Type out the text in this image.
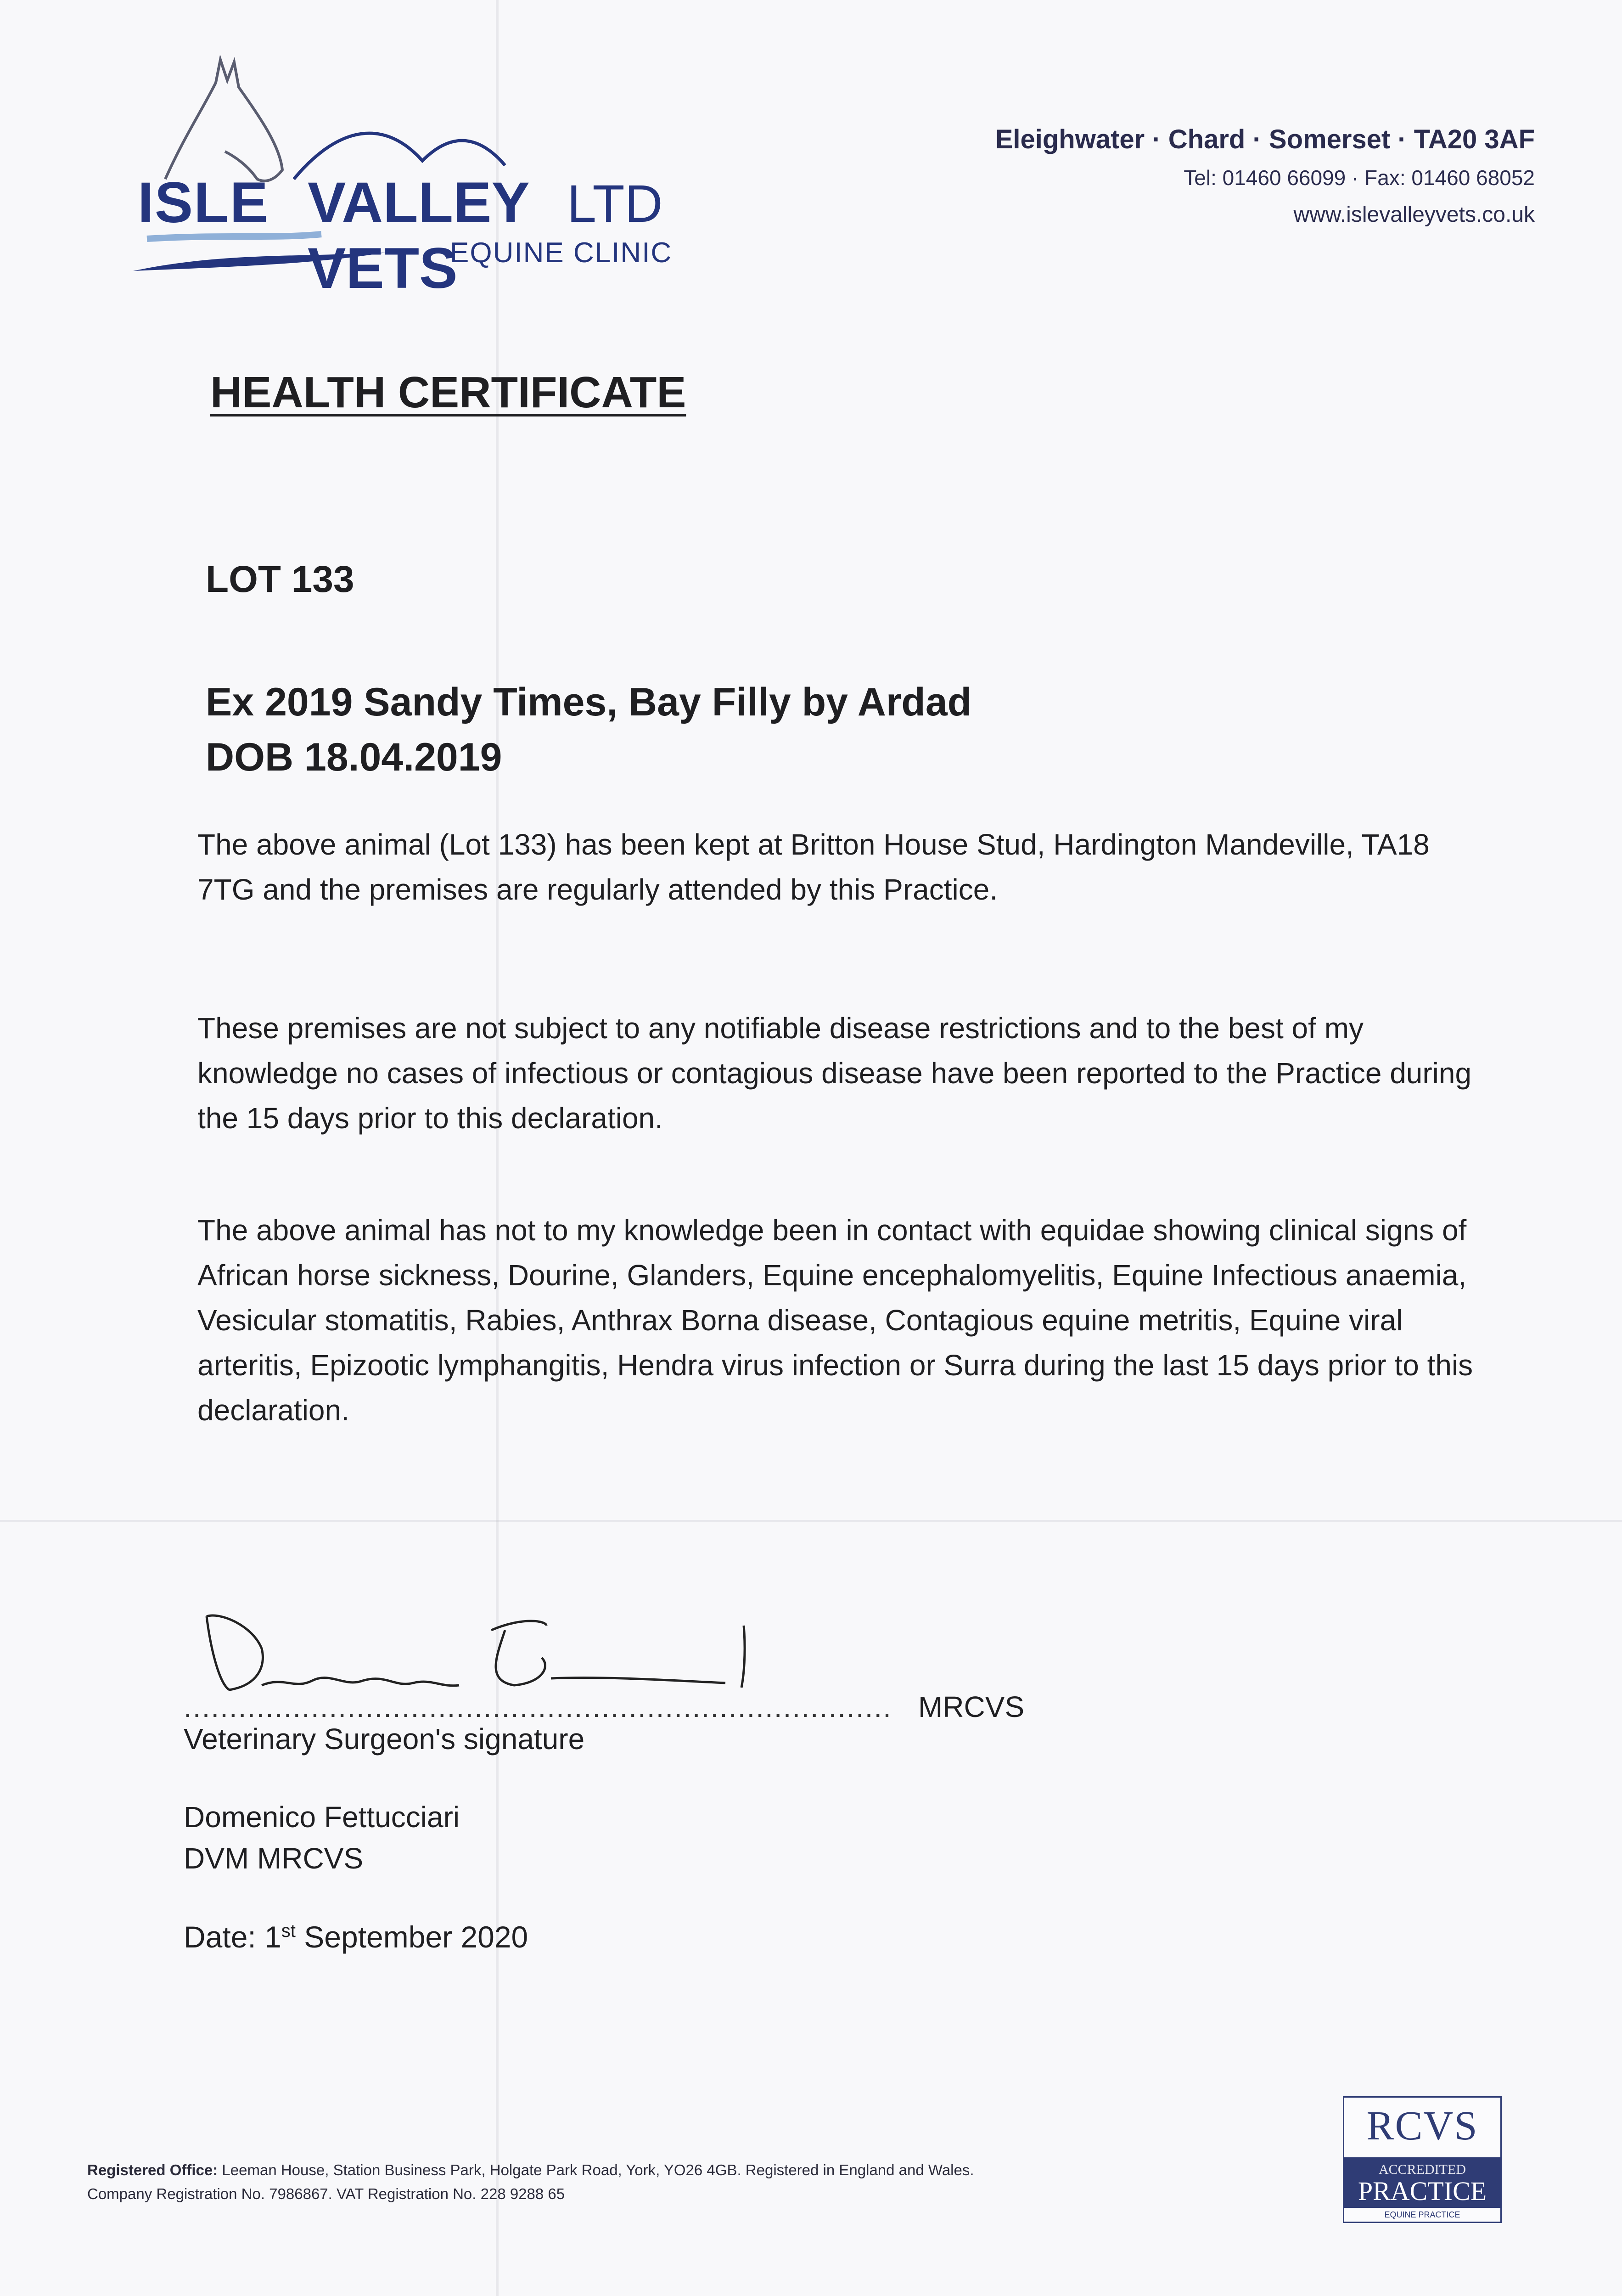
ISLE VALLEY VETS
LTD
EQUINE CLINIC
Eleighwater · Chard · Somerset · TA20 3AF
Tel: 01460 66099 · Fax: 01460 68052
www.islevalleyvets.co.uk
HEALTH CERTIFICATE
LOT 133
Ex 2019 Sandy Times, Bay Filly by Ardad
DOB 18.04.2019
The above animal (Lot 133) has been kept at Britton House Stud, Hardington Mandeville, TA18 7TG and the premises are regularly attended by this Practice.
These premises are not subject to any notifiable disease restrictions and to the best of my knowledge no cases of infectious or contagious disease have been reported to the Practice during the 15 days prior to this declaration.
The above animal has not to my knowledge been in contact with equidae showing clinical signs of African horse sickness, Dourine, Glanders, Equine encephalomyelitis, Equine Infectious anaemia, Vesicular stomatitis, Rabies, Anthrax Borna disease, Contagious equine metritis, Equine viral arteritis, Epizootic lymphangitis, Hendra virus infection or Surra during the last 15 days prior to this declaration.
.............................................................................. MRCVS
Veterinary Surgeon's signature
Domenico Fettucciari
DVM MRCVS
Date: 1st September 2020
Registered Office: Leeman House, Station Business Park, Holgate Park Road, York, YO26 4GB. Registered in England and Wales.
Company Registration No. 7986867. VAT Registration No. 228 9288 65
RCVS
ACCREDITED
PRACTICE
EQUINE PRACTICE
